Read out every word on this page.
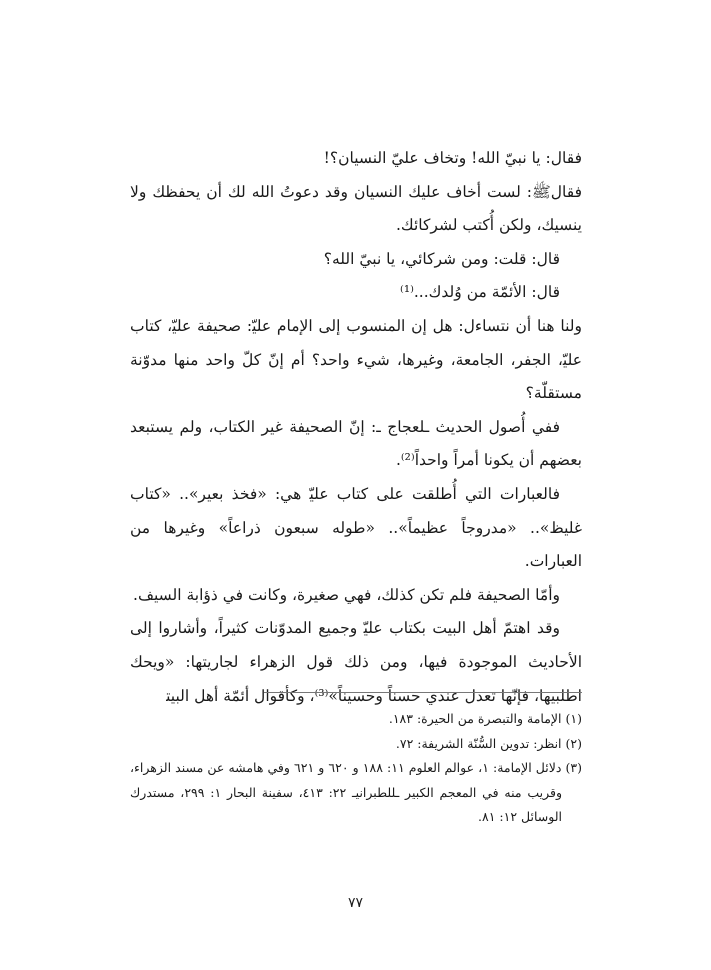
فقال: يا نبيّ الله! وتخاف عليّ النسيان؟!

فقالﷺ: لست أخاف عليك النسيان وقد دعوتُ الله لك أن يحفظك ولا ينسيك، ولكن أُكتب لشركائك.

قال: قلت: ومن شركائي، يا نبيّ الله؟

قال: الأئمّة من وُلدك...⁽¹⁾

ولنا هنا أن نتساءل: هل إن المنسوب إلى الإمام عليّ‍: صحيفة عليّ‍، كتاب عليّ‍، الجفر، الجامعة، وغيرها، شيء واحد؟ أم إنّ كلّ واحد منها مدوّنة مستقلّة؟

ففي أُصول الحديث ـلعجاج ـ: إنّ الصحيفة غير الكتاب، ولم يستبعد بعضهم أن يكونا أمراً واحداً⁽²⁾.

فالعبارات التي أُطلقت على كتاب عليّ‍ هي: «فخذ بعير».. «كتاب غليظ».. «مدروجاً عظيماً».. «طوله سبعون ذراعاً» وغيرها من العبارات.

وأمّا الصحيفة فلم تكن كذلك، فهي صغيرة، وكانت في ذؤابة السيف.

وقد اهتمّ أهل البيت بكتاب عليّ‍ وجميع المدوّنات كثيراً، وأشاروا إلى الأحاديث الموجودة فيها، ومن ذلك قول الزهراء‍ لجاريتها: «ويحك اطلبيها، فإنّها تعدل عندي حسناً وحسيناً»⁽³⁾، وكأقوال أئمّة أهل البيت‍

(١) الإمامة والتبصرة من الحيرة: ١٨٣.

(٢) انظر: تدوين السُّنّة الشريفة: ٧٢.

(٣) دلائل الإمامة: ١، عوالم العلوم ١١: ١٨٨ و ٦٢٠ و ٦٢١ وفي هامشه عن مسند الزهراء، وقريب منه في المعجم الكبير ـللطبرانيـ ٢٢: ٤١٣، سفينة البحار ١: ٢٩٩، مستدرك الوسائل ١٢: ٨١.

٧٧
